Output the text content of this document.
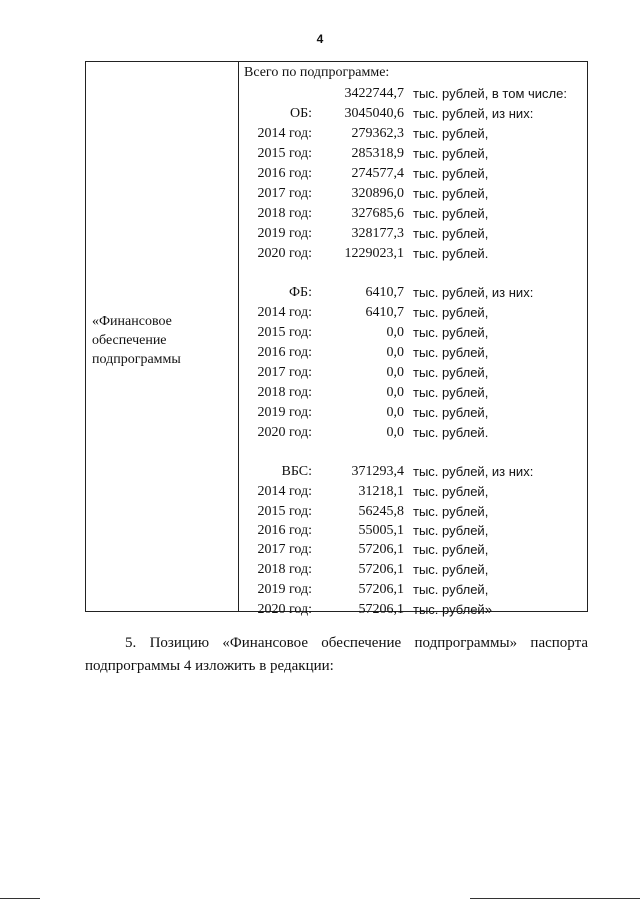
4
«Финансовое
обеспечение
подпрограммы
Всего по подпрограмме:
3422744,7 тыс. рублей, в том числе:
ОБ: 3045040,6 тыс. рублей, из них:
2014 год:	279362,3 тыс. рублей,
2015 год:	285318,9 тыс. рублей,
2016 год:	274577,4 тыс. рублей,
2017 год:	320896,0 тыс. рублей,
2018 год:	327685,6 тыс. рублей,
2019 год:	328177,3 тыс. рублей,
2020 год: 1229023,1 тыс. рублей.
ФБ:	6410,7 тыс. рублей, из них:
2014 год:	6410,7 тыс. рублей,
2015 год:	0,0 тыс. рублей,
2016 год:	0,0 тыс. рублей,
2017 год:	0,0 тыс. рублей,
2018 год:	0,0 тыс. рублей,
2019 год:	0,0 тыс. рублей,
2020 год:	0,0 тыс. рублей.
ВБС:	371293,4 тыс. рублей, из них:
2014 год:	31218,1 тыс. рублей,
2015 год:	56245,8 тыс. рублей,
2016 год:	55005,1 тыс. рублей,
2017 год:	57206,1 тыс. рублей,
2018 год:	57206,1 тыс. рублей,
2019 год:	57206,1 тыс. рублей,
2020 год:	57206,1 тыс. рублей»
5. Позицию «Финансовое обеспечение подпрограммы» паспорта
подпрограммы 4 изложить в редакции:
